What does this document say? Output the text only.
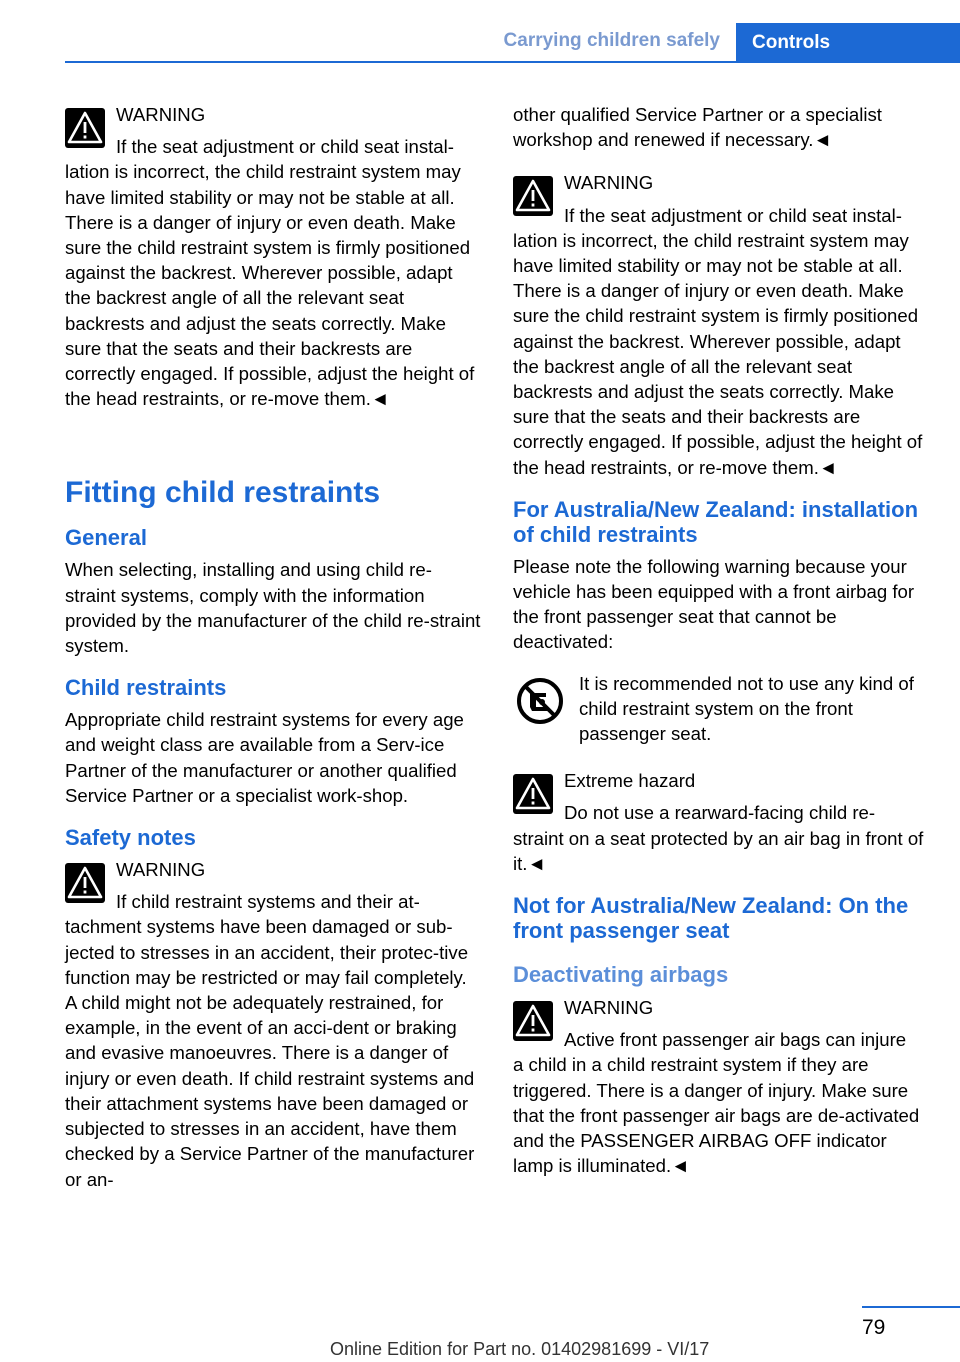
Carrying children safely	Controls

WARNING

If the seat adjustment or child seat instal-

lation is incorrect, the child restraint system may have limited stability or may not be stable at all. There is a danger of injury or even death. Make sure the child restraint system is firmly positioned against the backrest. Wherever possible, adapt the backrest angle of all the relevant seat backrests and adjust the seats correctly. Make sure that the seats and their backrests are correctly engaged. If possible, adjust the height of the head restraints, or re-move them.◄

Fitting child restraints

General

When selecting, installing and using child re-straint systems, comply with the information provided by the manufacturer of the child re-straint system.

Child restraints

Appropriate child restraint systems for every age and weight class are available from a Serv-ice Partner of the manufacturer or another qualified Service Partner or a specialist work-shop.

Safety notes

WARNING

If child restraint systems and their at-

tachment systems have been damaged or sub-jected to stresses in an accident, their protec-tive function may be restricted or may fail completely. A child might not be adequately restrained, for example, in the event of an acci-dent or braking and evasive manoeuvres. There is a danger of injury or even death. If child restraint systems and their attachment systems have been damaged or subjected to stresses in an accident, have them checked by a Service Partner of the manufacturer or an-

other qualified Service Partner or a specialist workshop and renewed if necessary.◄

WARNING

If the seat adjustment or child seat instal-

lation is incorrect, the child restraint system may have limited stability or may not be stable at all. There is a danger of injury or even death. Make sure the child restraint system is firmly positioned against the backrest. Wherever possible, adapt the backrest angle of all the relevant seat backrests and adjust the seats correctly. Make sure that the seats and their backrests are correctly engaged. If possible, adjust the height of the head restraints, or re-move them.◄

For Australia/New Zealand: installation of child restraints

Please note the following warning because your vehicle has been equipped with a front airbag for the front passenger seat that cannot be deactivated:

It is recommended not to use any kind of child restraint system on the front passenger seat.

Extreme hazard

Do not use a rearward-facing child re-

straint on a seat protected by an air bag in front of it.◄

Not for Australia/New Zealand: On the front passenger seat

Deactivating airbags

WARNING

Active front passenger air bags can injure

a child in a child restraint system if they are triggered. There is a danger of injury. Make sure that the front passenger air bags are de-activated and the PASSENGER AIRBAG OFF indicator lamp is illuminated.◄

79
Online Edition for Part no. 01402981699 - VI/17
